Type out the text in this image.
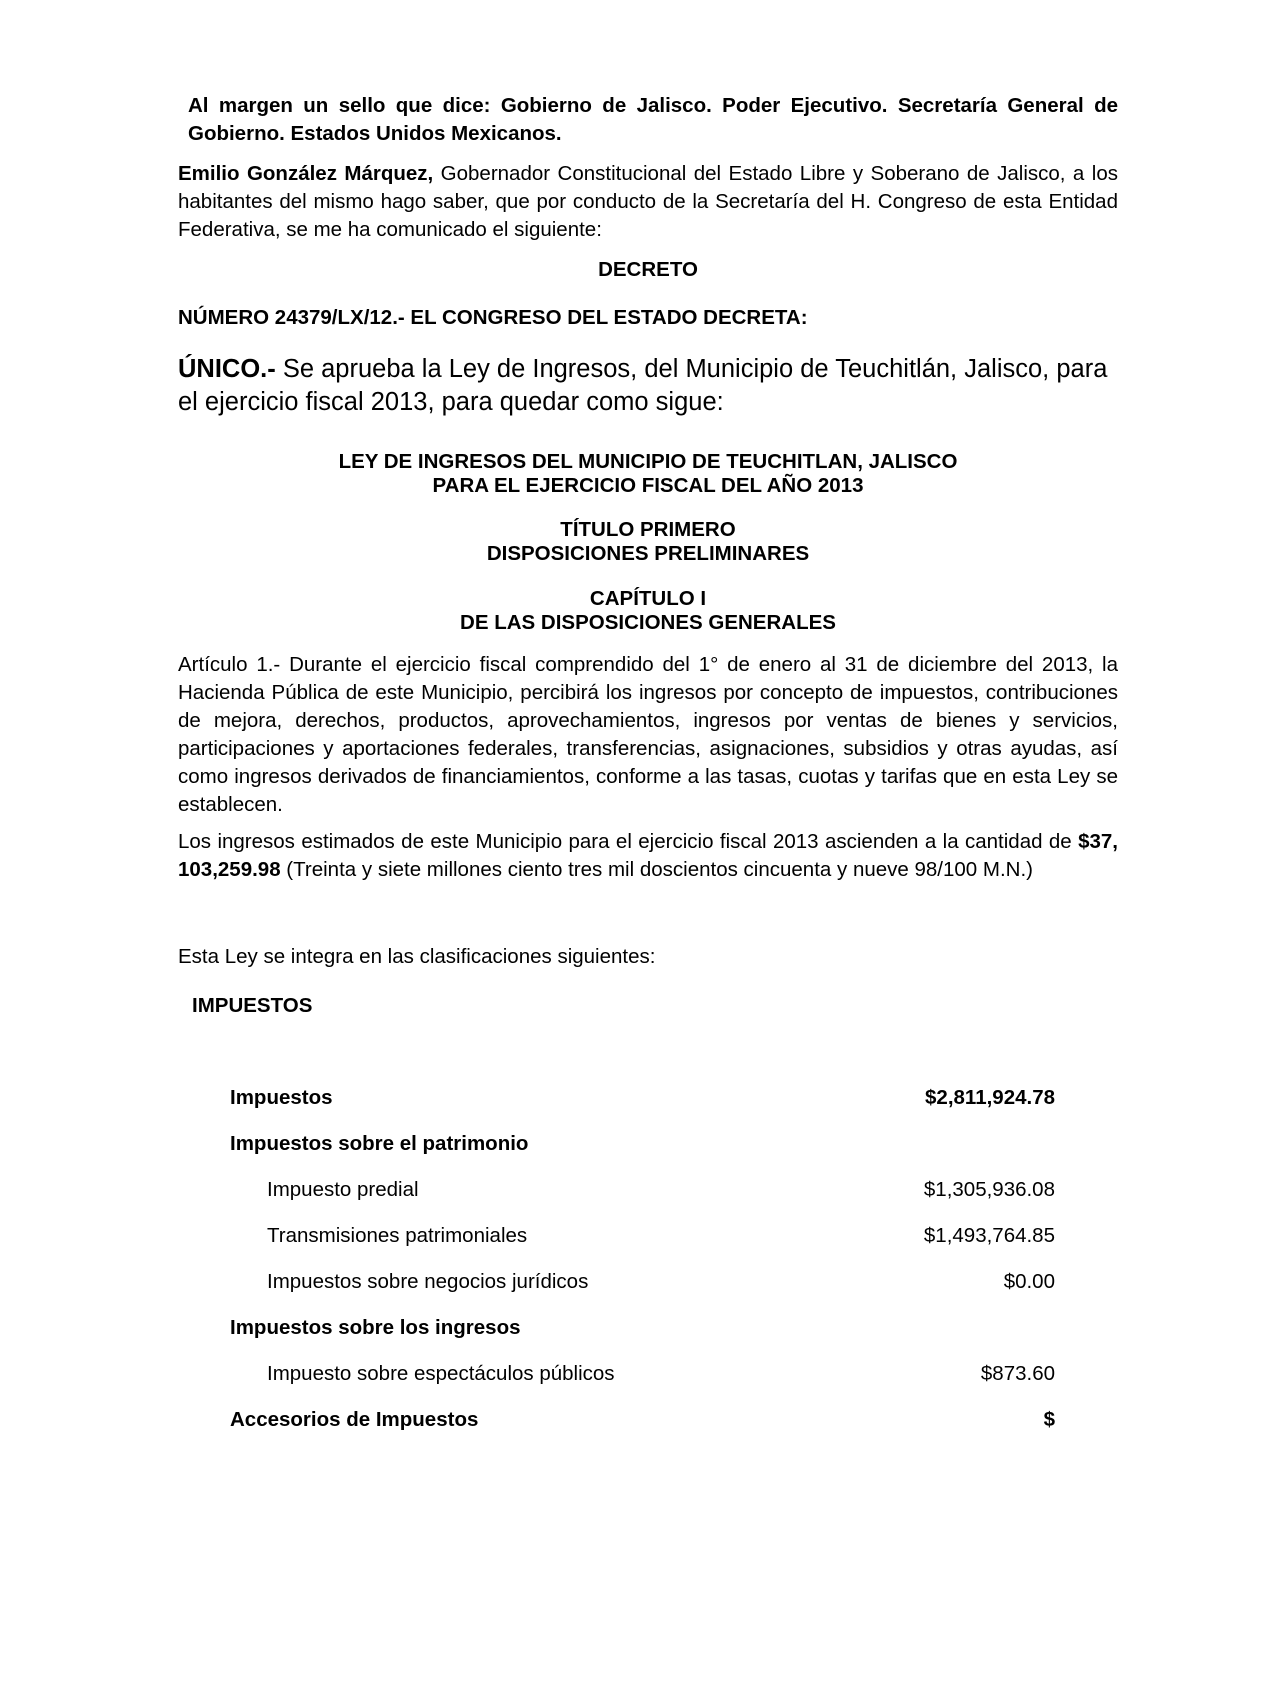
Al margen un sello que dice: Gobierno de Jalisco. Poder Ejecutivo. Secretaría General de Gobierno. Estados Unidos Mexicanos.

Emilio González Márquez, Gobernador Constitucional del Estado Libre y Soberano de Jalisco, a los habitantes del mismo hago saber, que por conducto de la Secretaría del H. Congreso de esta Entidad Federativa, se me ha comunicado el siguiente:

DECRETO

NÚMERO 24379/LX/12.- EL CONGRESO DEL ESTADO DECRETA:

ÚNICO.- Se aprueba la Ley de Ingresos, del Municipio de Teuchitlán, Jalisco, para el ejercicio fiscal 2013, para quedar como sigue:

LEY DE INGRESOS DEL MUNICIPIO DE TEUCHITLAN, JALISCO

PARA EL EJERCICIO FISCAL DEL AÑO 2013

TÍTULO PRIMERO

DISPOSICIONES PRELIMINARES

CAPÍTULO I

DE LAS DISPOSICIONES GENERALES

Artículo 1.- Durante el ejercicio fiscal comprendido del 1° de enero al 31 de diciembre del 2013, la Hacienda Pública de este Municipio, percibirá los ingresos por concepto de impuestos, contribuciones de mejora, derechos, productos, aprovechamientos, ingresos por ventas de bienes y servicios, participaciones y aportaciones federales, transferencias, asignaciones, subsidios y otras ayudas, así como ingresos derivados de financiamientos, conforme a las tasas, cuotas y tarifas que en esta Ley se establecen.

Los ingresos estimados de este Municipio para el ejercicio fiscal 2013 ascienden a la cantidad de $37, 103,259.98 (Treinta y siete millones ciento tres mil doscientos cincuenta y nueve 98/100 M.N.)

Esta Ley se integra en las clasificaciones siguientes:

IMPUESTOS

Impuestos	$2,811,924.78
Impuestos sobre el patrimonio
Impuesto predial	$1,305,936.08
Transmisiones patrimoniales	$1,493,764.85
Impuestos sobre negocios jurídicos	$0.00
Impuestos sobre los ingresos
Impuesto sobre espectáculos públicos	$873.60
Accesorios de Impuestos	$
